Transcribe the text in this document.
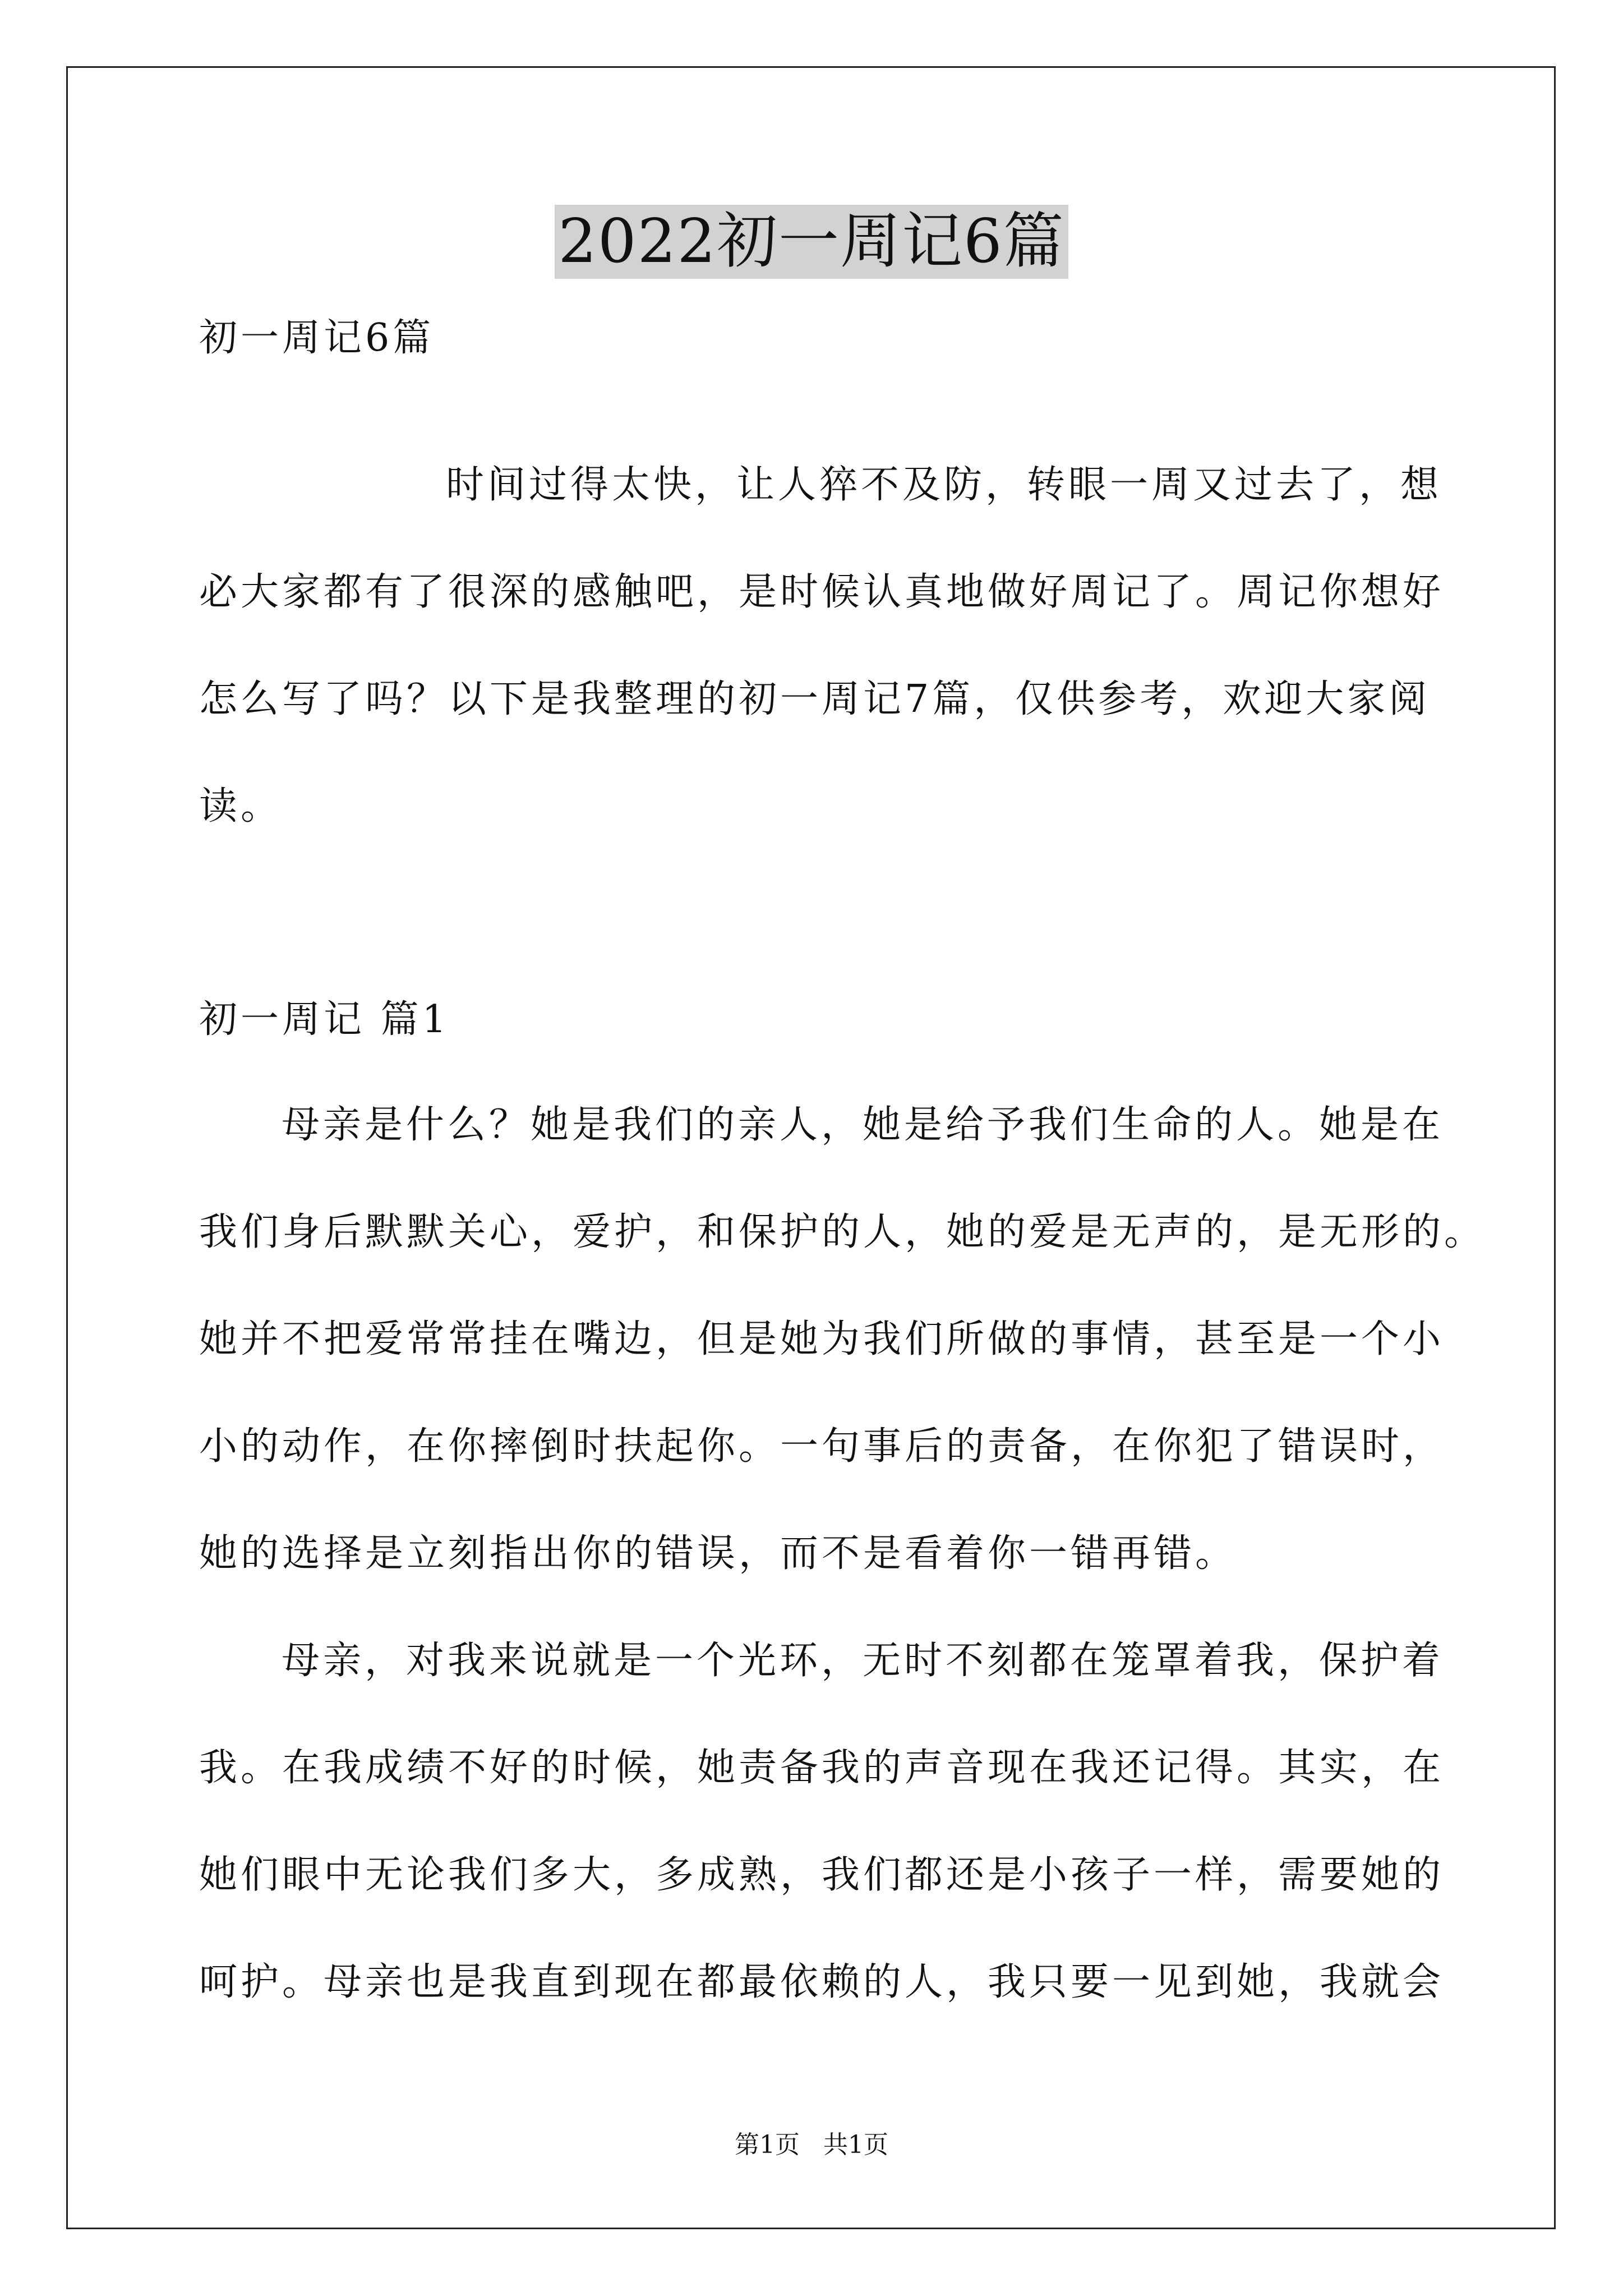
2022初一周记6篇
初一周记6篇
时间过得太快，让人猝不及防，转眼一周又过去了，想
必大家都有了很深的感触吧，是时候认真地做好周记了。周记你想好
怎么写了吗？以下是我整理的初一周记7篇，仅供参考，欢迎大家阅
读。
初一周记 篇1
母亲是什么？她是我们的亲人，她是给予我们生命的人。她是在
我们身后默默关心，爱护，和保护的人，她的爱是无声的，是无形的。
她并不把爱常常挂在嘴边，但是她为我们所做的事情，甚至是一个小
小的动作，在你摔倒时扶起你。一句事后的责备，在你犯了错误时，
她的选择是立刻指出你的错误，而不是看着你一错再错。
母亲，对我来说就是一个光环，无时不刻都在笼罩着我，保护着
我。在我成绩不好的时候，她责备我的声音现在我还记得。其实，在
她们眼中无论我们多大，多成熟，我们都还是小孩子一样，需要她的
呵护。母亲也是我直到现在都最依赖的人，我只要一见到她，我就会
第1页 共1页
